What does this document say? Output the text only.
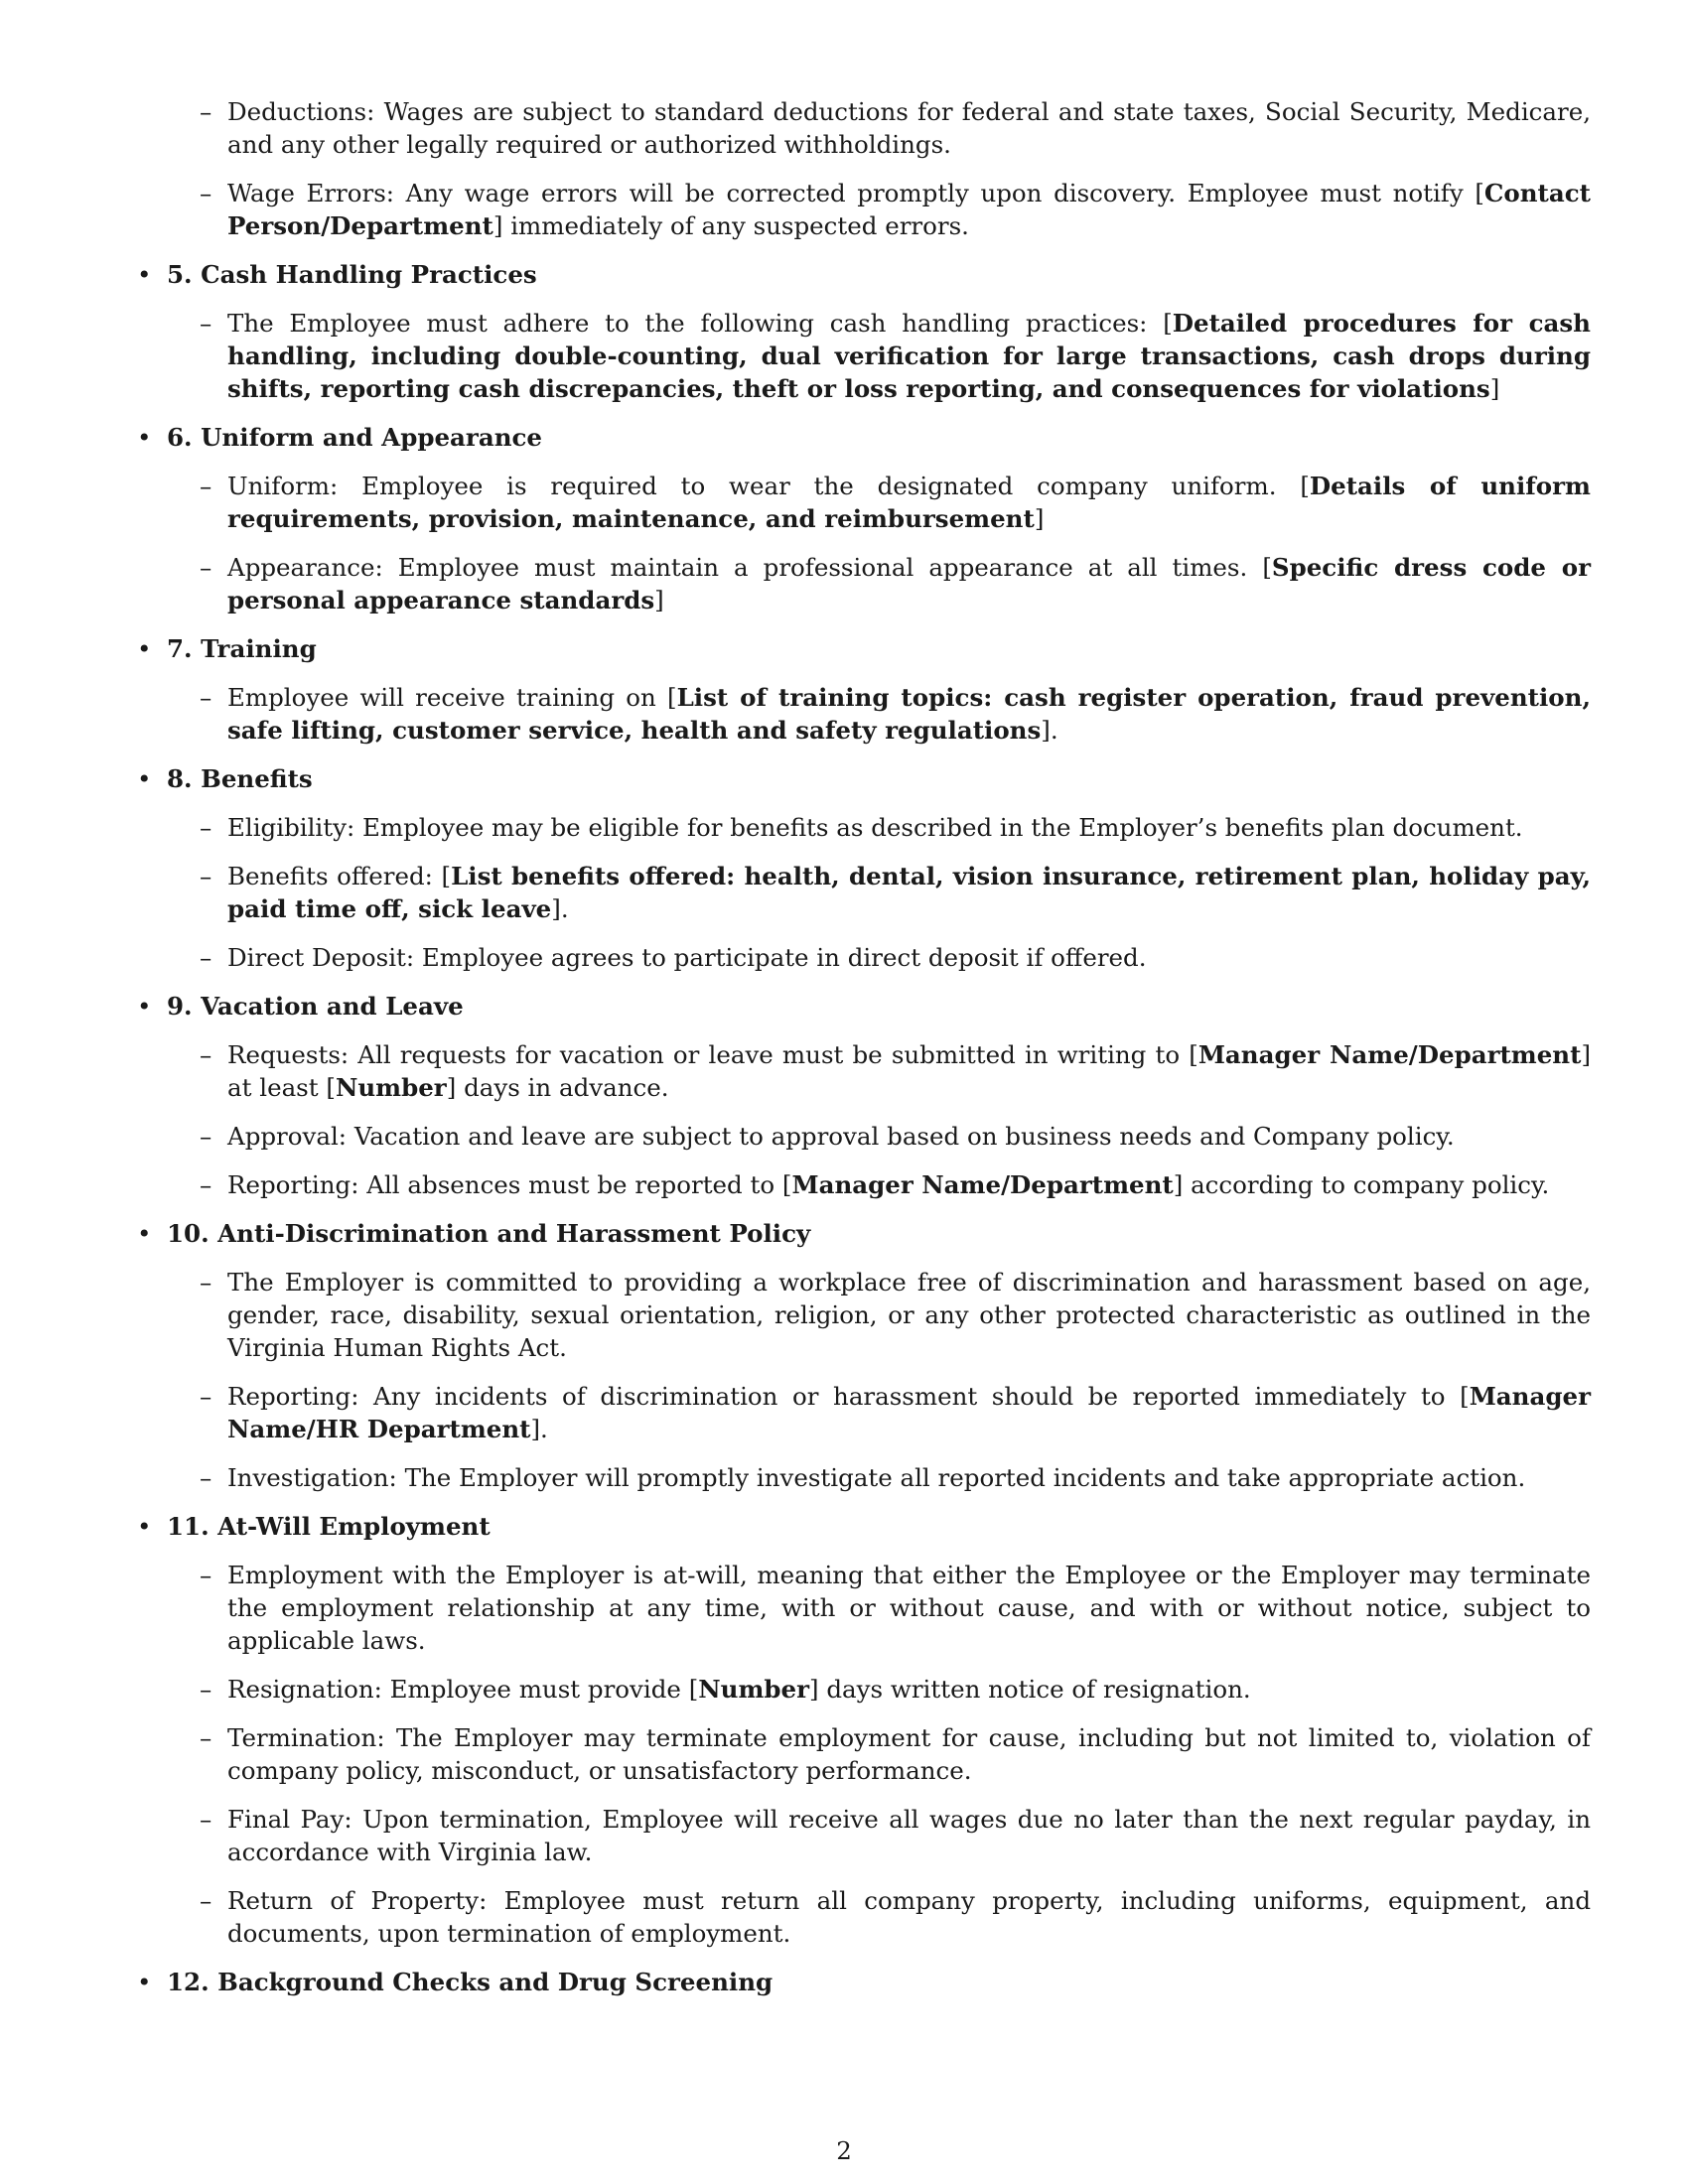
– Deductions: Wages are subject to standard deductions for federal and state taxes, Social Security, Medicare, and any other legally required or authorized withholdings.
– Wage Errors: Any wage errors will be corrected promptly upon discovery. Employee must notify [Contact Person/Department] immediately of any suspected errors.
• 5. Cash Handling Practices
– The Employee must adhere to the following cash handling practices: [Detailed procedures for cash handling, including double-counting, dual verification for large transactions, cash drops during shifts, reporting cash discrepancies, theft or loss reporting, and consequences for violations]
• 6. Uniform and Appearance
– Uniform: Employee is required to wear the designated company uniform. [Details of uniform requirements, provision, maintenance, and reimbursement]
– Appearance: Employee must maintain a professional appearance at all times. [Specific dress code or personal appearance standards]
• 7. Training
– Employee will receive training on [List of training topics: cash register operation, fraud prevention, safe lifting, customer service, health and safety regulations].
• 8. Benefits
– Eligibility: Employee may be eligible for benefits as described in the Employer’s benefits plan document.
– Benefits offered: [List benefits offered: health, dental, vision insurance, retirement plan, holiday pay, paid time off, sick leave].
– Direct Deposit: Employee agrees to participate in direct deposit if offered.
• 9. Vacation and Leave
– Requests: All requests for vacation or leave must be submitted in writing to [Manager Name/Department] at least [Number] days in advance.
– Approval: Vacation and leave are subject to approval based on business needs and Company policy.
– Reporting: All absences must be reported to [Manager Name/Department] according to company policy.
• 10. Anti-Discrimination and Harassment Policy
– The Employer is committed to providing a workplace free of discrimination and harassment based on age, gender, race, disability, sexual orientation, religion, or any other protected characteristic as outlined in the Virginia Human Rights Act.
– Reporting: Any incidents of discrimination or harassment should be reported immediately to [Manager Name/HR Department].
– Investigation: The Employer will promptly investigate all reported incidents and take appropriate action.
• 11. At-Will Employment
– Employment with the Employer is at-will, meaning that either the Employee or the Employer may terminate the employment relationship at any time, with or without cause, and with or without notice, subject to applicable laws.
– Resignation: Employee must provide [Number] days written notice of resignation.
– Termination: The Employer may terminate employment for cause, including but not limited to, violation of company policy, misconduct, or unsatisfactory performance.
– Final Pay: Upon termination, Employee will receive all wages due no later than the next regular payday, in accordance with Virginia law.
– Return of Property: Employee must return all company property, including uniforms, equipment, and documents, upon termination of employment.
• 12. Background Checks and Drug Screening
2
